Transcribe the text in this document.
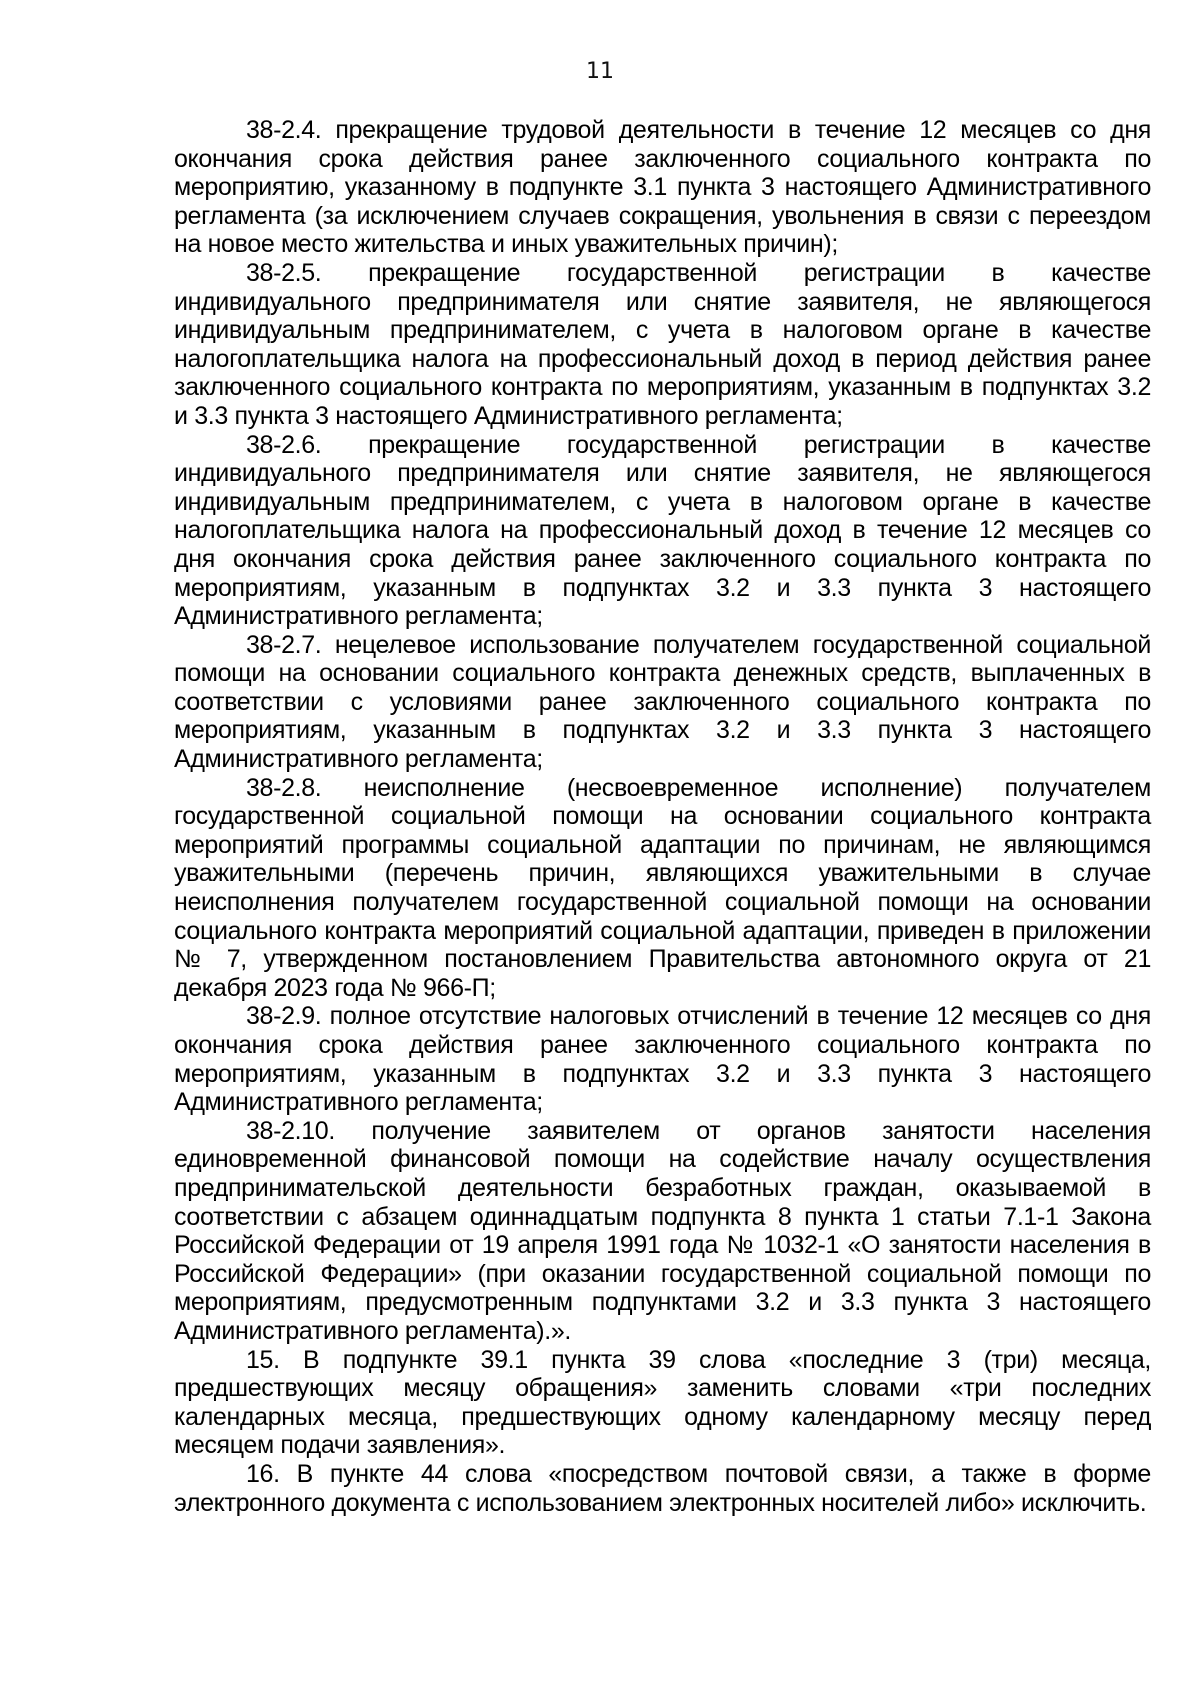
11

38-2.4. прекращение трудовой деятельности в течение 12 месяцев со дня окончания срока действия ранее заключенного социального контракта по мероприятию, указанному в подпункте 3.1 пункта 3 настоящего Административного регламента (за исключением случаев сокращения, увольнения в связи с переездом на новое место жительства и иных уважительных причин);

38-2.5. прекращение государственной регистрации в качестве индивидуального предпринимателя или снятие заявителя, не являющегося индивидуальным предпринимателем, с учета в налоговом органе в качестве налогоплательщика налога на профессиональный доход в период действия ранее заключенного социального контракта по мероприятиям, указанным в подпунктах 3.2 и 3.3 пункта 3 настоящего Административного регламента;

38-2.6. прекращение государственной регистрации в качестве индивидуального предпринимателя или снятие заявителя, не являющегося индивидуальным предпринимателем, с учета в налоговом органе в качестве налогоплательщика налога на профессиональный доход в течение 12 месяцев со дня окончания срока действия ранее заключенного социального контракта по мероприятиям, указанным в подпунктах 3.2 и 3.3 пункта 3 настоящего Административного регламента;

38-2.7. нецелевое использование получателем государственной социальной помощи на основании социального контракта денежных средств, выплаченных в соответствии с условиями ранее заключенного социального контракта по мероприятиям, указанным в подпунктах 3.2 и 3.3 пункта 3 настоящего Административного регламента;

38-2.8. неисполнение (несвоевременное исполнение) получателем государственной социальной помощи на основании социального контракта мероприятий программы социальной адаптации по причинам, не являющимся уважительными (перечень причин, являющихся уважительными в случае неисполнения получателем государственной социальной помощи на основании социального контракта мероприятий социальной адаптации, приведен в приложении № 7, утвержденном постановлением Правительства автономного округа от 21 декабря 2023 года № 966-П;

38-2.9. полное отсутствие налоговых отчислений в течение 12 месяцев со дня окончания срока действия ранее заключенного социального контракта по мероприятиям, указанным в подпунктах 3.2 и 3.3 пункта 3 настоящего Административного регламента;

38-2.10. получение заявителем от органов занятости населения единовременной финансовой помощи на содействие началу осуществления предпринимательской деятельности безработных граждан, оказываемой в соответствии с абзацем одиннадцатым подпункта 8 пункта 1 статьи 7.1-1 Закона Российской Федерации от 19 апреля 1991 года № 1032-1 «О занятости населения в Российской Федерации» (при оказании государственной социальной помощи по мероприятиям, предусмотренным подпунктами 3.2 и 3.3 пункта 3 настоящего Административного регламента).».

15. В подпункте 39.1 пункта 39 слова «последние 3 (три) месяца, предшествующих месяцу обращения» заменить словами «три последних календарных месяца, предшествующих одному календарному месяцу перед месяцем подачи заявления».

16. В пункте 44 слова «посредством почтовой связи, а также в форме электронного документа с использованием электронных носителей либо» исключить.
